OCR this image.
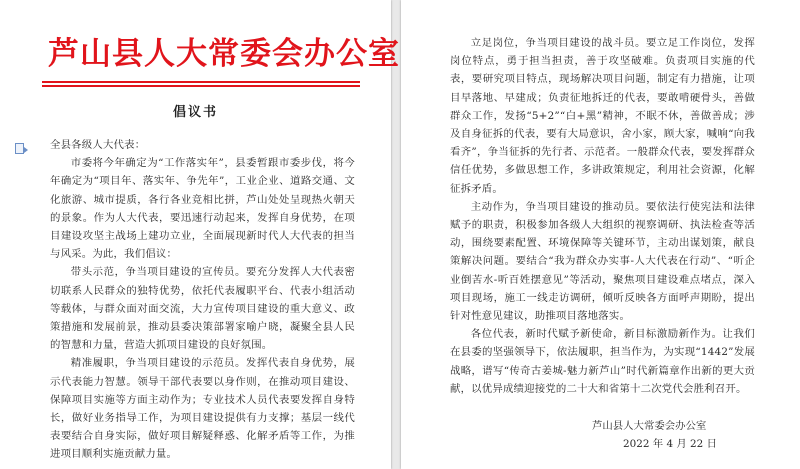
芦山县人大常委会办公室
倡议书

全县各级人大代表：

市委将今年确定为“工作落实年”，县委暂跟市委步伐，将今年确定为“项目年、落实年、争先年”，工业企业、道路交通、文化旅游、城市提质，各行各业竞相比拼，芦山处处呈现热火朝天的景象。作为人大代表，要迅速行动起来，发挥自身优势，在项目建设攻坚主战场上建功立业，全面展现新时代人大代表的担当与风采。为此，我们倡议：

带头示范，争当项目建设的宣传员。要充分发挥人大代表密切联系人民群众的独特优势，依托代表履职平台、代表小组活动等载体，与群众面对面交流，大力宣传项目建设的重大意义、政策措施和发展前景，推动县委决策部署家喻户晓，凝聚全县人民的智慧和力量，营造大抓项目建设的良好氛围。

精准履职，争当项目建设的示范员。发挥代表自身优势，展示代表能力智慧。领导干部代表要以身作则，在推动项目建设、保障项目实施等方面主动作为；专业技术人员代表要发挥自身特长，做好业务指导工作，为项目建设提供有力支撑；基层一线代表要结合自身实际，做好项目解疑释惑、化解矛盾等工作，为推进项目顺利实施贡献力量。

立足岗位，争当项目建设的战斗员。要立足工作岗位，发挥岗位特点，勇于担当担责，善于攻坚破难。负责项目实施的代表，要研究项目特点，现场解决项目问题，制定有力措施，让项目早落地、早建成；负责征地拆迁的代表，要敢啃硬骨头，善做群众工作，发扬“5+2”“白+黑”精神，不眠不休，善做善成；涉及自身征拆的代表，要有大局意识，舍小家，顾大家，喊响“向我看齐”，争当征拆的先行者、示范者。一般群众代表，要发挥群众信任优势，多做思想工作，多讲政策规定，利用社会资源，化解征拆矛盾。

主动作为，争当项目建设的推动员。要依法行使宪法和法律赋予的职责，积极参加各级人大组织的视察调研、执法检查等活动，围绕要素配置、环境保障等关键环节，主动出谋划策，献良策解决问题。要结合“我为群众办实事-人大代表在行动”、“听企业倒苦水-听百姓摆意见”等活动，聚焦项目建设难点堵点，深入项目现场，施工一线走访调研，倾听反映各方面呼声期盼，提出针对性意见建议，助推项目落地落实。

各位代表，新时代赋予新使命，新目标激励新作为。让我们在县委的坚强领导下，依法履职，担当作为，为实现“1442”发展战略，谱写“传奇古姜城-魅力新芦山”时代新篇章作出新的更大贡献，以优异成绩迎接党的二十大和省第十二次党代会胜利召开。

芦山县人大常委会办公室
2022 年 4 月 22 日
